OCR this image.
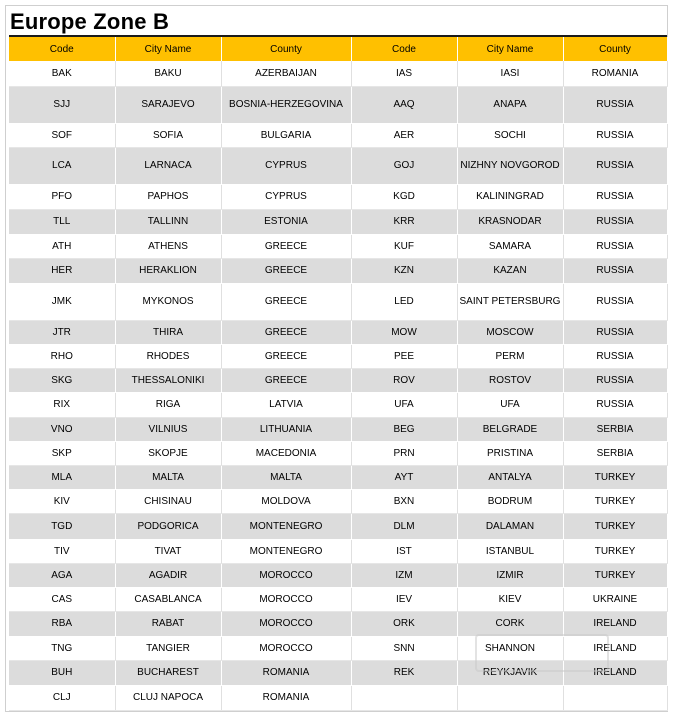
Europe Zone B
Code	City Name	County	Code	City Name	County
BAK	BAKU	AZERBAIJAN	IAS	IASI	ROMANIA
SJJ	SARAJEVO	BOSNIA-HERZEGOVINA	AAQ	ANAPA	RUSSIA
SOF	SOFIA	BULGARIA	AER	SOCHI	RUSSIA
LCA	LARNACA	CYPRUS	GOJ	NIZHNY NOVGOROD	RUSSIA
PFO	PAPHOS	CYPRUS	KGD	KALININGRAD	RUSSIA
TLL	TALLINN	ESTONIA	KRR	KRASNODAR	RUSSIA
ATH	ATHENS	GREECE	KUF	SAMARA	RUSSIA
HER	HERAKLION	GREECE	KZN	KAZAN	RUSSIA
JMK	MYKONOS	GREECE	LED	SAINT PETERSBURG	RUSSIA
JTR	THIRA	GREECE	MOW	MOSCOW	RUSSIA
RHO	RHODES	GREECE	PEE	PERM	RUSSIA
SKG	THESSALONIKI	GREECE	ROV	ROSTOV	RUSSIA
RIX	RIGA	LATVIA	UFA	UFA	RUSSIA
VNO	VILNIUS	LITHUANIA	BEG	BELGRADE	SERBIA
SKP	SKOPJE	MACEDONIA	PRN	PRISTINA	SERBIA
MLA	MALTA	MALTA	AYT	ANTALYA	TURKEY
KIV	CHISINAU	MOLDOVA	BXN	BODRUM	TURKEY
TGD	PODGORICA	MONTENEGRO	DLM	DALAMAN	TURKEY
TIV	TIVAT	MONTENEGRO	IST	ISTANBUL	TURKEY
AGA	AGADIR	MOROCCO	IZM	IZMIR	TURKEY
CAS	CASABLANCA	MOROCCO	IEV	KIEV	UKRAINE
RBA	RABAT	MOROCCO	ORK	CORK	IRELAND
TNG	TANGIER	MOROCCO	SNN	SHANNON	IRELAND
BUH	BUCHAREST	ROMANIA	REK	REYKJAVIK	IRELAND
CLJ	CLUJ NAPOCA	ROMANIA			
